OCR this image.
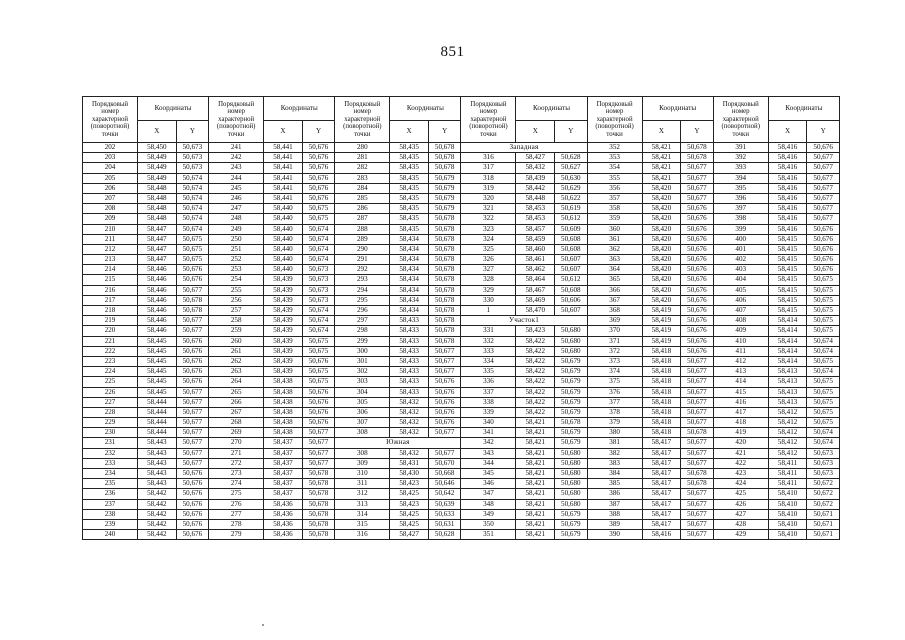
851
Порядковый номер характерной (поворотной) точки	Координаты		Порядковый номер характерной (поворотной) точки	Координаты		Порядковый номер характерной (поворотной) точки	Координаты		Порядковый номер характерной (поворотной) точки	Координаты		Порядковый номер характерной (поворотной) точки	Координаты		Порядковый номер характерной (поворотной) точки	Координаты	
	X	Y		X	Y		X	Y		X	Y		X	Y		X	Y
202	58,450	50,673	241	58,441	50,676	280	58,435	50,678	Западная			352	58,421	50,678	391	58,416	50,676
203	58,449	50,673	242	58,441	50,676	281	58,435	50,678	316	58,427	50,628	353	58,421	50,678	392	58,416	50,677
204	58,449	50,673	243	58,441	50,676	282	58,435	50,678	317	58,432	50,627	354	58,421	50,677	393	58,416	50,677
205	58,449	50,674	244	58,441	50,676	283	58,435	50,679	318	58,439	50,630	355	58,421	50,677	394	58,416	50,677
206	58,448	50,674	245	58,441	50,676	284	58,435	50,679	319	58,442	50,629	356	58,420	50,677	395	58,416	50,677
207	58,448	50,674	246	58,441	50,676	285	58,435	50,679	320	58,448	50,622	357	58,420	50,677	396	58,416	50,677
208	58,448	50,674	247	58,440	50,675	286	58,435	50,679	321	58,453	50,619	358	58,420	50,676	397	58,416	50,677
209	58,448	50,674	248	58,440	50,675	287	58,435	50,678	322	58,453	50,612	359	58,420	50,676	398	58,416	50,677
210	58,447	50,674	249	58,440	50,674	288	58,435	50,678	323	58,457	50,609	360	58,420	50,676	399	58,416	50,676
211	58,447	50,675	250	58,440	50,674	289	58,434	50,678	324	58,459	50,608	361	58,420	50,676	400	58,415	50,676
212	58,447	50,675	251	58,440	50,674	290	58,434	50,678	325	58,460	50,608	362	58,420	50,676	401	58,415	50,676
213	58,447	50,675	252	58,440	50,674	291	58,434	50,678	326	58,461	50,607	363	58,420	50,676	402	58,415	50,676
214	58,446	50,676	253	58,440	50,673	292	58,434	50,678	327	58,462	50,607	364	58,420	50,676	403	58,415	50,676
215	58,446	50,676	254	58,439	50,673	293	58,434	50,678	328	58,464	50,612	365	58,420	50,676	404	58,415	50,675
216	58,446	50,677	255	58,439	50,673	294	58,434	50,678	329	58,467	50,608	366	58,420	50,676	405	58,415	50,675
217	58,446	50,678	256	58,439	50,673	295	58,434	50,678	330	58,469	50,606	367	58,420	50,676	406	58,415	50,675
218	58,446	50,678	257	58,439	50,674	296	58,434	50,678	1	58,470	50,607	368	58,419	50,676	407	58,415	50,675
219	58,446	50,677	258	58,439	50,674	297	58,433	50,678	Участок1			369	58,419	50,676	408	58,414	50,675
220	58,446	50,677	259	58,439	50,674	298	58,433	50,678	331	58,423	50,680	370	58,419	50,676	409	58,414	50,675
221	58,445	50,676	260	58,439	50,675	299	58,433	50,678	332	58,422	50,680	371	58,419	50,676	410	58,414	50,674
222	58,445	50,676	261	58,439	50,675	300	58,433	50,677	333	58,422	50,680	372	58,418	50,676	411	58,414	50,674
223	58,445	50,676	262	58,439	50,676	301	58,433	50,677	334	58,422	50,679	373	58,418	50,677	412	58,414	50,675
224	58,445	50,676	263	58,439	50,675	302	58,433	50,677	335	58,422	50,679	374	58,418	50,677	413	58,413	50,674
225	58,445	50,676	264	58,438	50,675	303	58,433	50,676	336	58,422	50,679	375	58,418	50,677	414	58,413	50,675
226	58,445	50,677	265	58,438	50,676	304	58,433	50,676	337	58,422	50,679	376	58,418	50,677	415	58,413	50,675
227	58,444	50,677	266	58,438	50,676	305	58,432	50,676	338	58,422	50,679	377	58,418	50,677	416	58,413	50,675
228	58,444	50,677	267	58,438	50,676	306	58,432	50,676	339	58,422	50,679	378	58,418	50,677	417	58,412	50,675
229	58,444	50,677	268	58,438	50,676	307	58,432	50,676	340	58,421	50,678	379	58,418	50,677	418	58,412	50,675
230	58,444	50,677	269	58,438	50,677	308	58,432	50,677	341	58,421	50,679	380	58,418	50,678	419	58,412	50,674
231	58,443	50,677	270	58,437	50,677	Южная			342	58,421	50,679	381	58,417	50,677	420	58,412	50,674
232	58,443	50,677	271	58,437	50,677	308	58,432	50,677	343	58,421	50,680	382	58,417	50,677	421	58,412	50,673
233	58,443	50,677	272	58,437	50,677	309	58,431	50,670	344	58,421	50,680	383	58,417	50,677	422	58,411	50,673
234	58,443	50,676	273	58,437	50,678	310	58,430	50,668	345	58,421	50,680	384	58,417	50,678	423	58,411	50,673
235	58,443	50,676	274	58,437	50,678	311	58,423	50,646	346	58,421	50,680	385	58,417	50,678	424	58,411	50,672
236	58,442	50,676	275	58,437	50,678	312	58,425	50,642	347	58,421	50,680	386	58,417	50,677	425	58,410	50,672
237	58,442	50,676	276	58,436	50,678	313	58,423	50,639	348	58,421	50,680	387	58,417	50,677	426	58,410	50,672
238	58,442	50,676	277	58,436	50,678	314	58,425	50,633	349	58,421	50,679	388	58,417	50,677	427	58,410	50,671
239	58,442	50,676	278	58,436	50,678	315	58,425	50,631	350	58,421	50,679	389	58,417	50,677	428	58,410	50,671
240	58,442	50,676	279	58,436	50,678	316	58,427	50,628	351	58,421	50,679	390	58,416	50,677	429	58,410	50,671
